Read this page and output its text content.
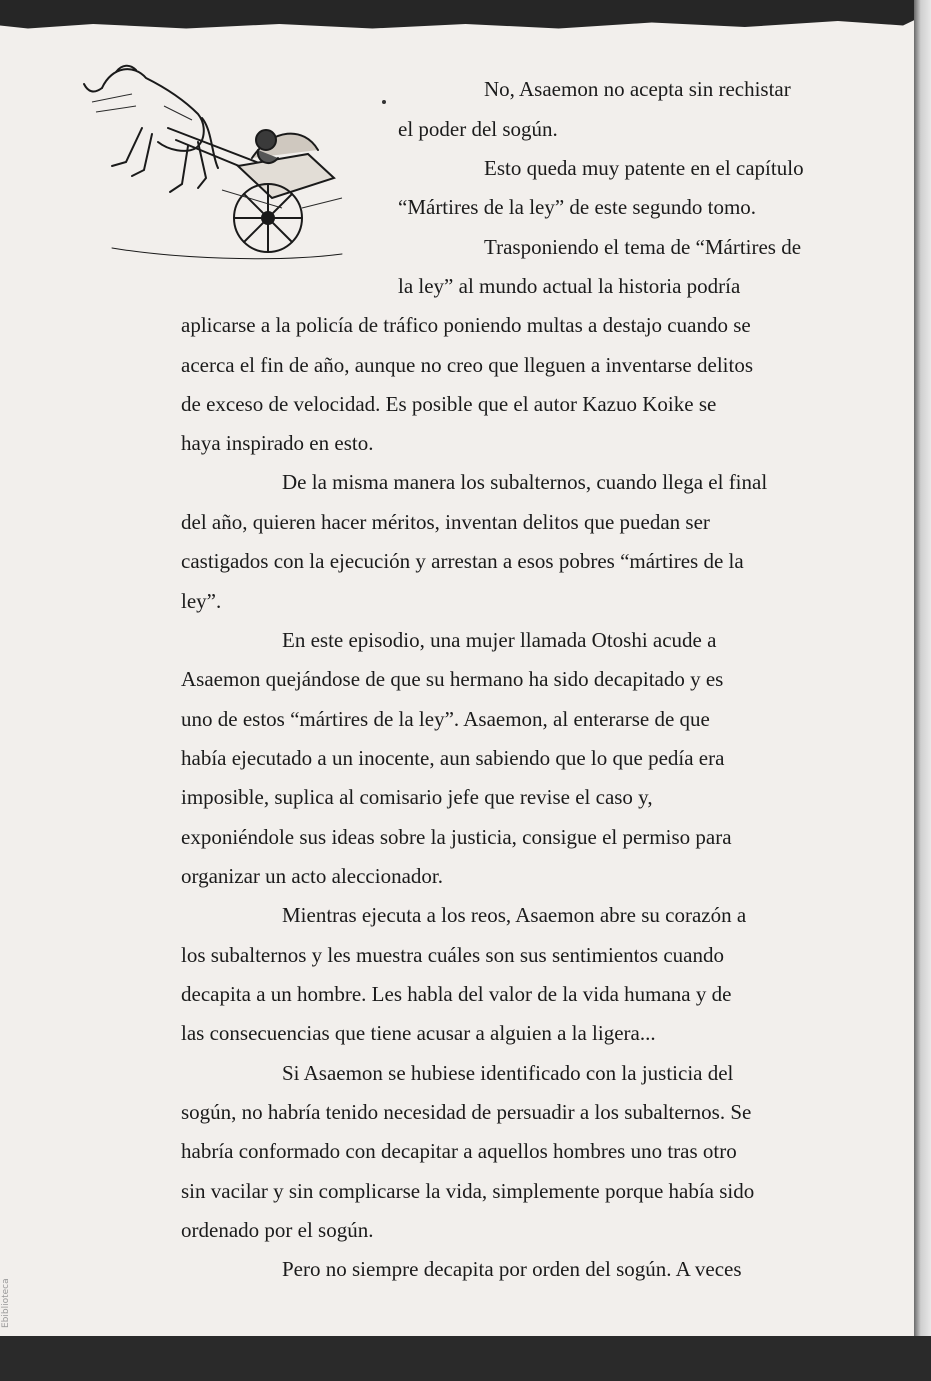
No, Asaemon no acepta sin rechistar
el poder del sogún.
Esto queda muy patente en el capítulo
“Mártires de la ley” de este segundo tomo.
Trasponiendo el tema de “Mártires de
la ley” al mundo actual la historia podría
aplicarse a la policía de tráfico poniendo multas a destajo cuando se
acerca el fin de año, aunque no creo que lleguen a inventarse delitos
de exceso de velocidad. Es posible que el autor Kazuo Koike se
haya inspirado en esto.
De la misma manera los subalternos, cuando llega el final
del año, quieren hacer méritos, inventan delitos que puedan ser
castigados con la ejecución y arrestan a esos pobres “mártires de la
ley”.
En este episodio, una mujer llamada Otoshi acude a
Asaemon quejándose de que su hermano ha sido decapitado y es
uno de estos “mártires de la ley”. Asaemon, al enterarse de que
había ejecutado a un inocente, aun sabiendo que lo que pedía era
imposible, suplica al comisario jefe que revise el caso y,
exponiéndole sus ideas sobre la justicia, consigue el permiso para
organizar un acto aleccionador.
Mientras ejecuta a los reos, Asaemon abre su corazón a
los subalternos y les muestra cuáles son sus sentimientos cuando
decapita a un hombre. Les habla del valor de la vida humana y de
las consecuencias que tiene acusar a alguien a la ligera...
Si Asaemon se hubiese identificado con la justicia del
sogún, no habría tenido necesidad de persuadir a los subalternos. Se
habría conformado con decapitar a aquellos hombres uno tras otro
sin vacilar y sin complicarse la vida, simplemente porque había sido
ordenado por el sogún.
Pero no siempre decapita por orden del sogún. A veces
Ebiblioteca
